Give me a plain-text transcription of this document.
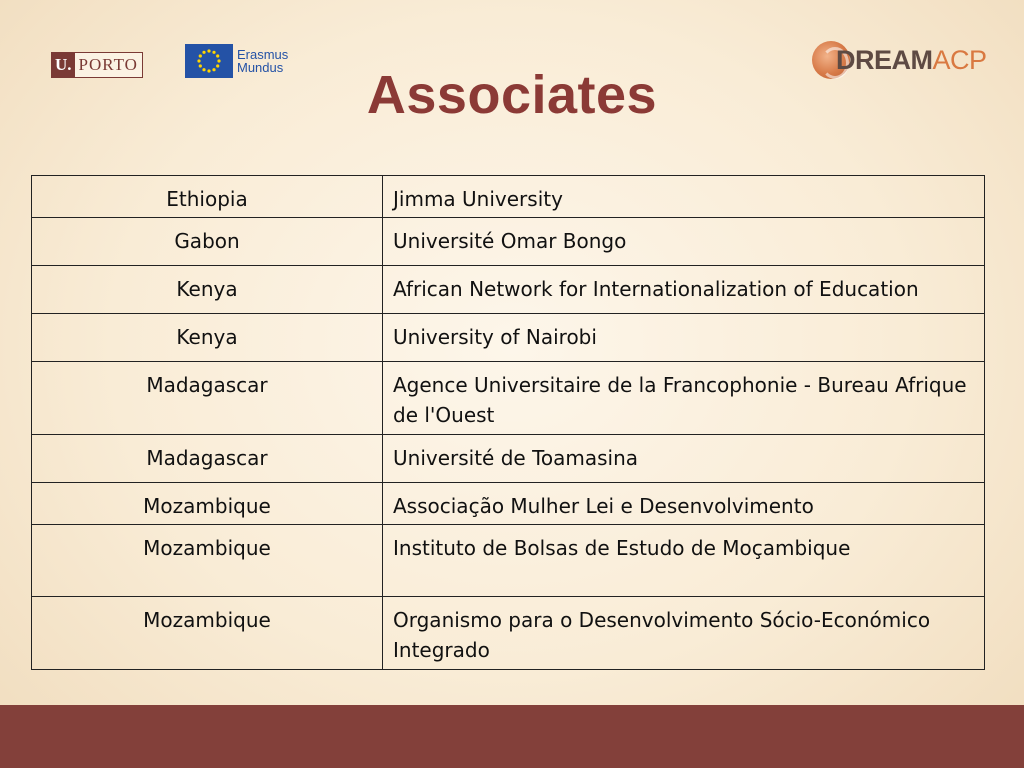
U. PORTO
Erasmus
Mundus	DREAMACP
Associates
Ethiopia	Jimma University
Gabon	Université Omar Bongo
Kenya	African Network for Internationalization of Education
Kenya	University of Nairobi
Madagascar	Agence Universitaire de la Francophonie - Bureau Afrique de l'Ouest
Madagascar	Université de Toamasina
Mozambique	Associação Mulher Lei e Desenvolvimento
Mozambique	Instituto de Bolsas de Estudo de Moçambique
Mozambique	Organismo para o Desenvolvimento Sócio-Económico Integrado
